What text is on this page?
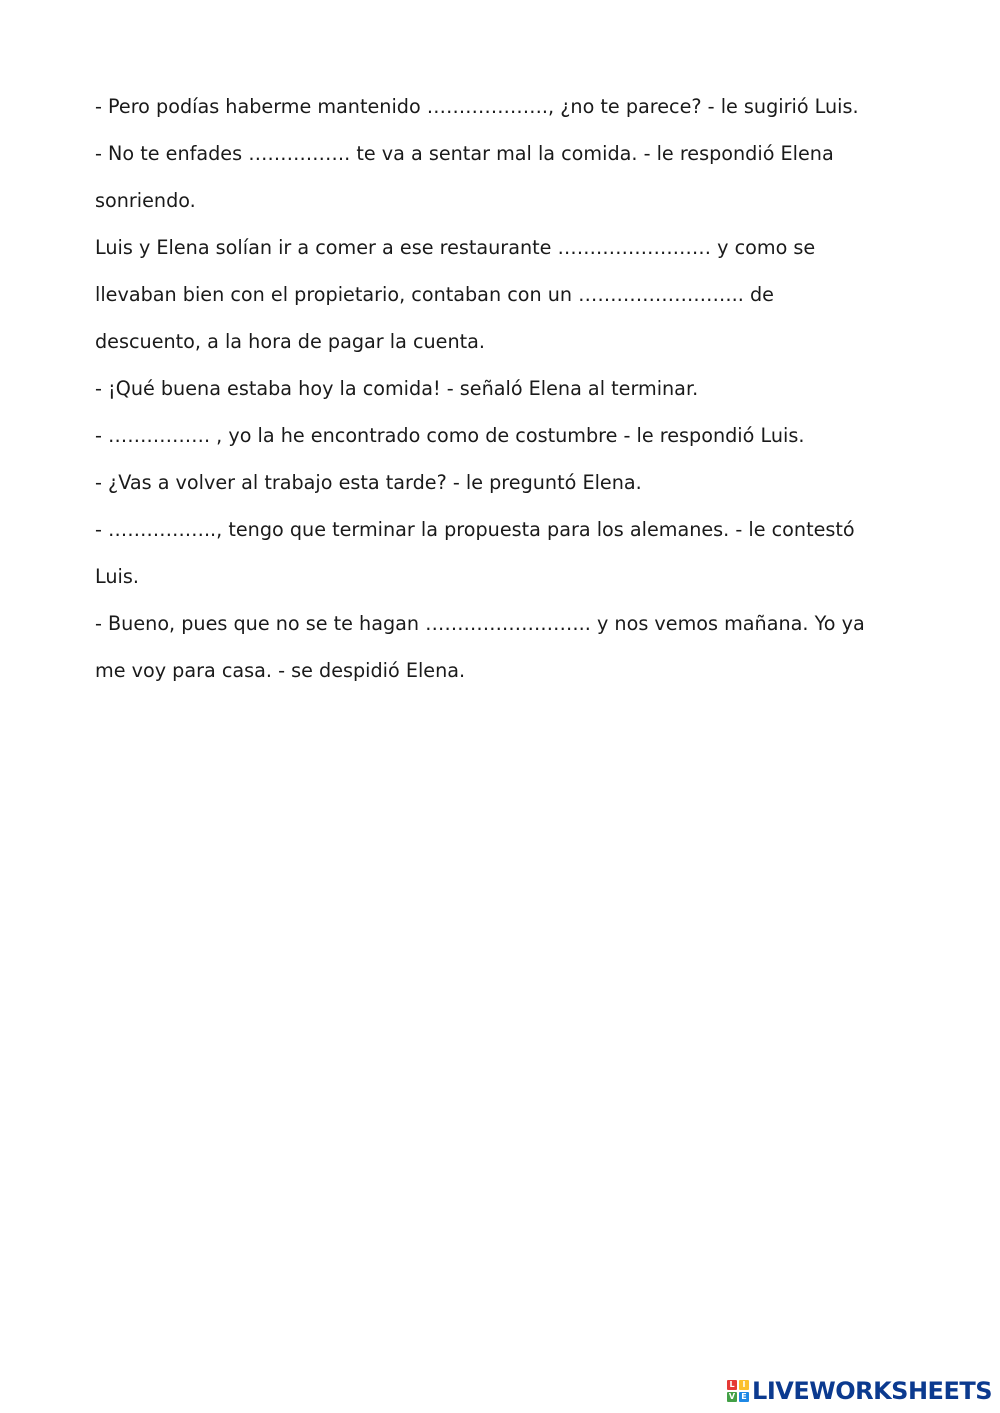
- Pero podías haberme mantenido ………………., ¿no te parece? - le sugirió Luis.
- No te enfades ……………. te va a sentar mal la comida. - le respondió Elena
sonriendo.
Luis y Elena solían ir a comer a ese restaurante …………………… y como se
llevaban bien con el propietario, contaban con un …………………….. de
descuento, a la hora de pagar la cuenta.
- ¡Qué buena estaba hoy la comida! - señaló Elena al terminar.
- ……………. , yo la he encontrado como de costumbre - le respondió Luis.
- ¿Vas a volver al trabajo esta tarde? - le preguntó Elena.
- …………….., tengo que terminar la propuesta para los alemanes. - le contestó
Luis.
- Bueno, pues que no se te hagan …………………….. y nos vemos mañana. Yo ya
me voy para casa. - se despidió Elena.
L I
V E LIVEWORKSHEETS
